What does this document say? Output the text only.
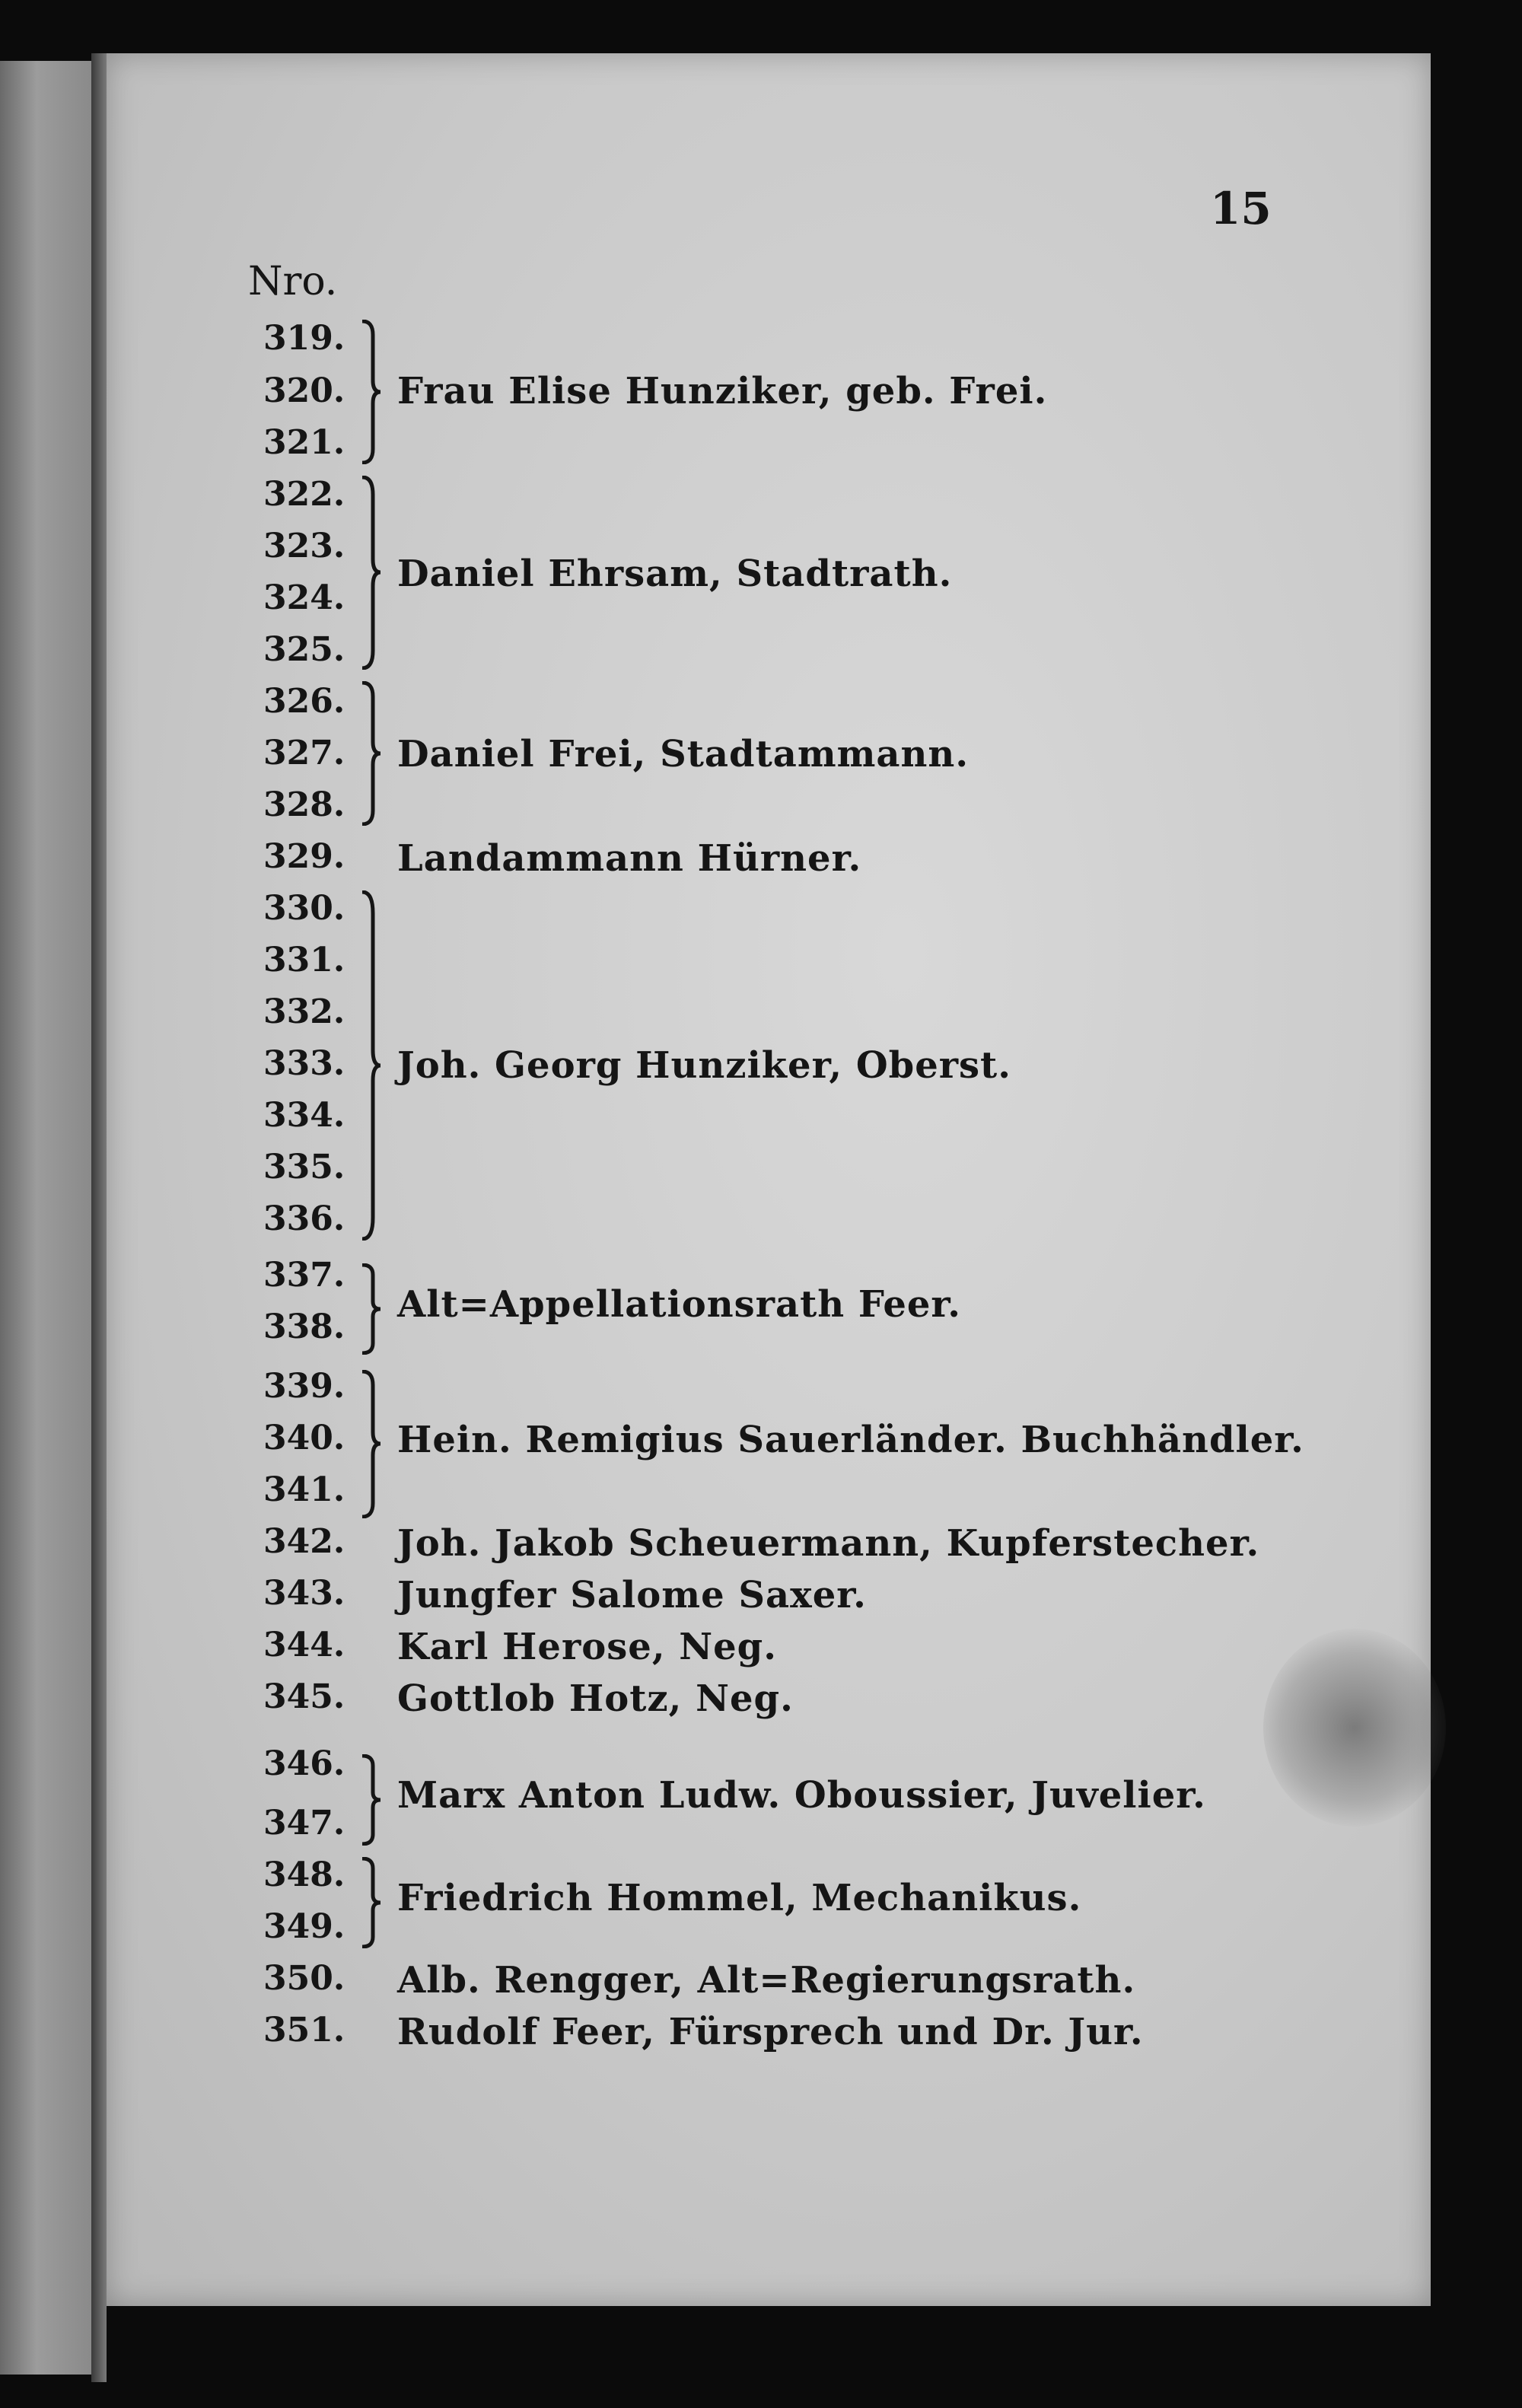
15
Nro.
319.
320.
321.
322.
323.
324.
325.
326.
327.
328.
329.
330.
331.
332.
333.
334.
335.
336.
337.
338.
339.
340.
341.
342.
343.
344.
345.
346.
347.
348.
349.
350.
351.
Frau Elise Hunziker, geb. Frei.
Daniel Ehrsam, Stadtrath.
Daniel Frei, Stadtammann.
Landammann Hürner.
Joh. Georg Hunziker, Oberst.
Alt=Appellationsrath Feer.
Hein. Remigius Sauerländer. Buchhändler.
Joh. Jakob Scheuermann, Kupferstecher.
Jungfer Salome Saxer.
Karl Herose, Neg.
Gottlob Hotz, Neg.
Marx Anton Ludw. Oboussier, Juvelier.
Friedrich Hommel, Mechanikus.
Alb. Rengger, Alt=Regierungsrath.
Rudolf Feer, Fürsprech und Dr. Jur.
